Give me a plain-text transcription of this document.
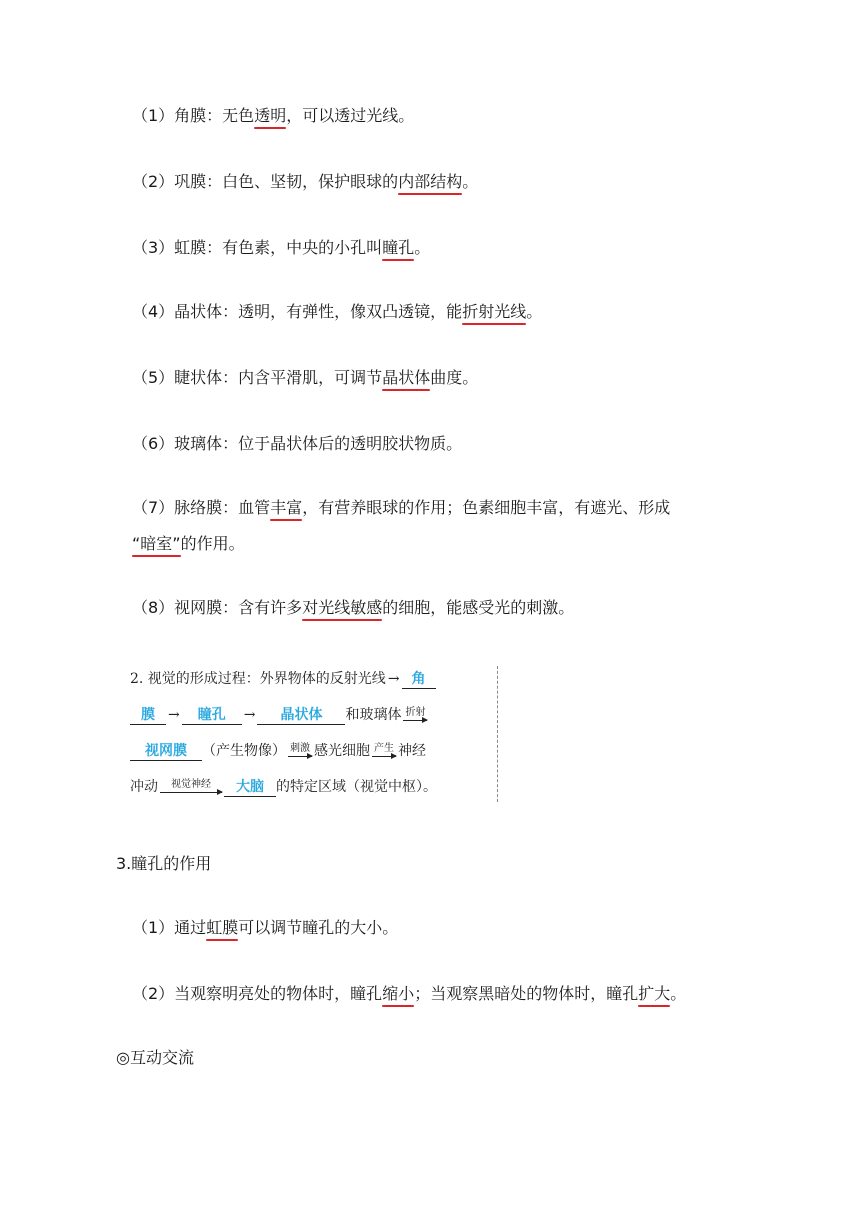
（1）角膜：无色透明，可以透过光线。
（2）巩膜：白色、坚韧，保护眼球的内部结构。
（3）虹膜：有色素，中央的小孔叫瞳孔。
（4）晶状体：透明，有弹性，像双凸透镜，能折射光线。
（5）睫状体：内含平滑肌，可调节晶状体曲度。
（6）玻璃体：位于晶状体后的透明胶状物质。
（7）脉络膜：血管丰富，有营养眼球的作用；色素细胞丰富，有遮光、形成
“暗室”的作用。
（8）视网膜：含有许多对光线敏感的细胞，能感受光的刺激。
3.瞳孔的作用
（1）通过虹膜可以调节瞳孔的大小。
（2）当观察明亮处的物体时，瞳孔缩小；当观察黑暗处的物体时，瞳孔扩大。
◎互动交流
2. 视觉的形成过程：外界物体的反射光线 → 角
膜 → 瞳孔 → 晶状体 和玻璃体 折射
视网膜 （产生物像） 刺激 感光细胞 产生 神经
冲动	视觉神经	大脑 的特定区域（视觉中枢）。
